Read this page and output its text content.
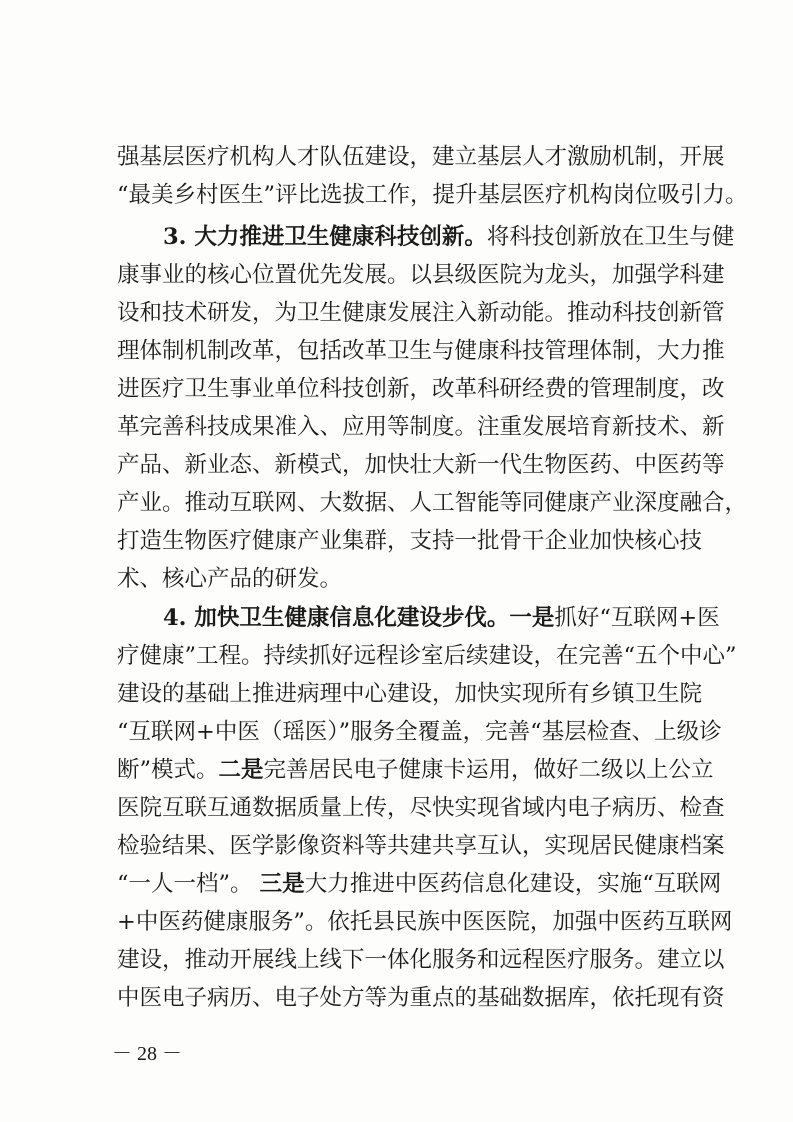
强基层医疗机构人才队伍建设，建立基层人才激励机制，开展
“最美乡村医生”评比选拔工作，提升基层医疗机构岗位吸引力。
3. 大力推进卫生健康科技创新。将科技创新放在卫生与健
康事业的核心位置优先发展。以县级医院为龙头，加强学科建
设和技术研发，为卫生健康发展注入新动能。推动科技创新管
理体制机制改革，包括改革卫生与健康科技管理体制，大力推
进医疗卫生事业单位科技创新，改革科研经费的管理制度，改
革完善科技成果准入、应用等制度。注重发展培育新技术、新
产品、新业态、新模式，加快壮大新一代生物医药、中医药等
产业。推动互联网、大数据、人工智能等同健康产业深度融合，
打造生物医疗健康产业集群，支持一批骨干企业加快核心技
术、核心产品的研发。
4. 加快卫生健康信息化建设步伐。一是抓好“互联网+医
疗健康”工程。持续抓好远程诊室后续建设，在完善“五个中心”
建设的基础上推进病理中心建设，加快实现所有乡镇卫生院
“互联网+中医（瑶医）”服务全覆盖，完善“基层检查、上级诊
断”模式。二是完善居民电子健康卡运用，做好二级以上公立
医院互联互通数据质量上传，尽快实现省域内电子病历、检查
检验结果、医学影像资料等共建共享互认，实现居民健康档案
“一人一档”。 三是大力推进中医药信息化建设，实施“互联网
+中医药健康服务”。依托县民族中医医院，加强中医药互联网
建设，推动开展线上线下一体化服务和远程医疗服务。建立以
中医电子病历、电子处方等为重点的基础数据库，依托现有资
－ 28 －
